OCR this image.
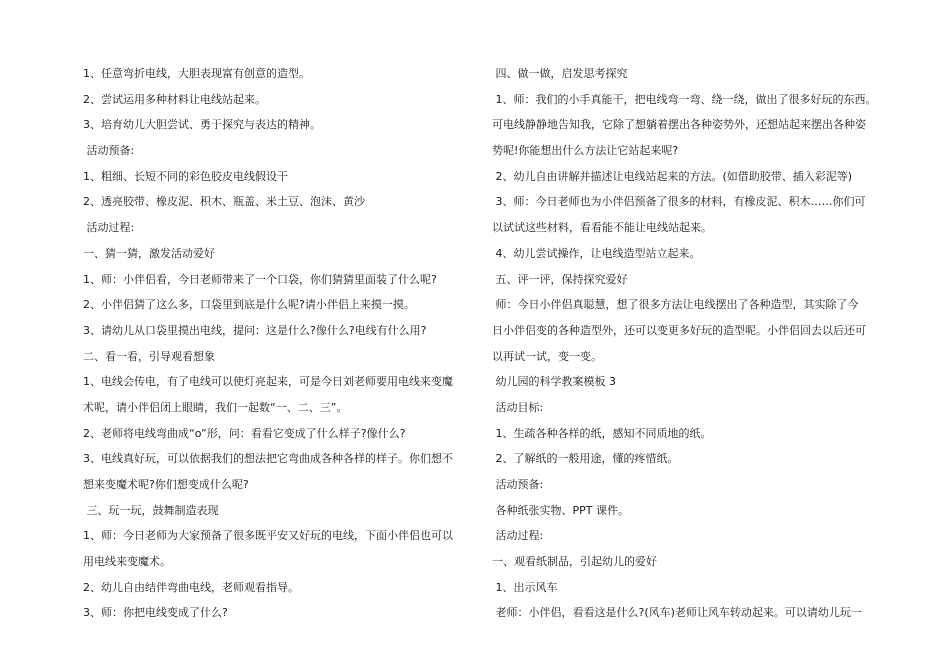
1、任意弯折电线，大胆表现富有创意的造型。
2、尝试运用多种材料让电线站起来。
3、培育幼儿大胆尝试、勇于探究与表达的精神。
活动预备:
1、粗细、长短不同的彩色胶皮电线假设干
2、透亮胶带、橡皮泥、积木、瓶盖、米土豆、泡沫、黄沙
活动过程:
一、猜一猜，激发活动爱好
1、师：小伴侣看，今日老师带来了一个口袋，你们猜猜里面装了什么呢?
2、小伴侣猜了这么多，口袋里到底是什么呢?请小伴侣上来摸一摸。
3、请幼儿从口袋里摸出电线，提问：这是什么?像什么?电线有什么用?
二、看一看，引导观看想象
1、电线会传电，有了电线可以使灯亮起来，可是今日刘老师要用电线来变魔
术呢，请小伴侣闭上眼睛，我们一起数“一、二、三”。
2、老师将电线弯曲成“o”形，问：看看它变成了什么样子?像什么?
3、电线真好玩，可以依据我们的想法把它弯曲成各种各样的样子。你们想不
想来变魔术呢?你们想变成什么呢?
三、玩一玩，鼓舞制造表现
1、师：今日老师为大家预备了很多既平安又好玩的电线，下面小伴侣也可以
用电线来变魔术。
2、幼儿自由结伴弯曲电线，老师观看指导。
3、师：你把电线变成了什么?
四、做一做，启发思考探究
1、师：我们的小手真能干，把电线弯一弯、绕一绕，做出了很多好玩的东西。
可电线静静地告知我，它除了想躺着摆出各种姿势外，还想站起来摆出各种姿
势呢!你能想出什么方法让它站起来呢?
2、幼儿自由讲解并描述让电线站起来的方法。(如借助胶带、插入彩泥等)
3、师：今日老师也为小伴侣预备了很多的材料，有橡皮泥、积木……你们可
以试试这些材料，看看能不能让电线站起来。
4、幼儿尝试操作，让电线造型站立起来。
五、评一评，保持探究爱好
师：今日小伴侣真聪慧，想了很多方法让电线摆出了各种造型，其实除了今
日小伴侣变的各种造型外，还可以变更多好玩的造型呢。小伴侣回去以后还可
以再试一试，变一变。
幼儿园的科学教案模板 3
活动目标:
1、生疏各种各样的纸，感知不同质地的纸。
2、了解纸的一般用途，懂的疼惜纸。
活动预备:
各种纸张实物、PPT 课件。
活动过程:
一、观看纸制品，引起幼儿的爱好
1、出示风车
老师：小伴侣，看看这是什么?(风车)老师让风车转动起来。可以请幼儿玩一
